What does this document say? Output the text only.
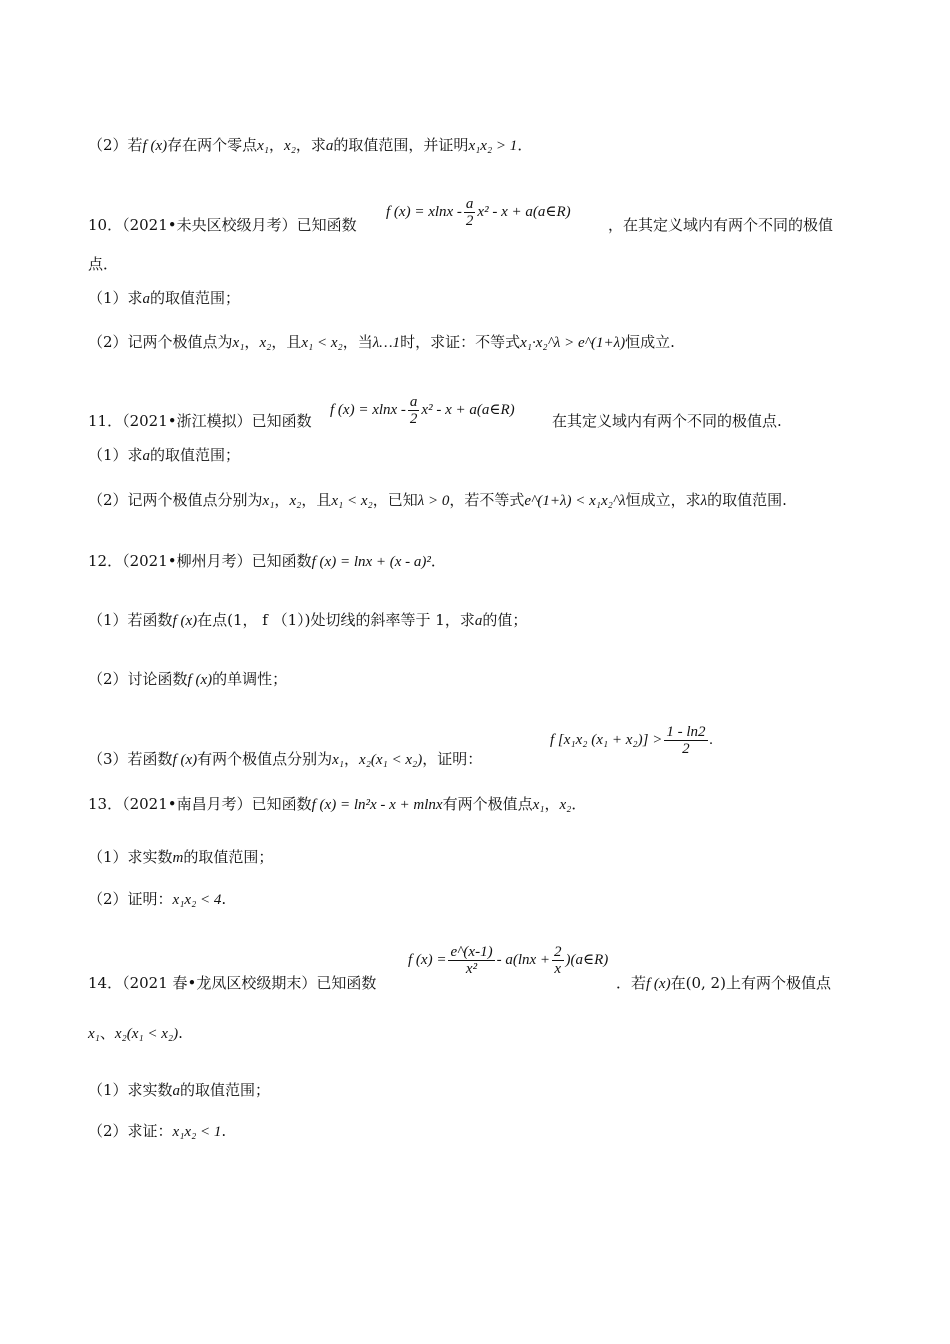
（2）若f (x)存在两个零点x₁，x₂，求a的取值范围，并证明x₁x₂ > 1．
10．（2021•未央区校级月考）已知函数
f $(x) = xlnx - \frac{a}{2} x^2 - x$ + a(a∈R)
，在其定义域内有两个不同的极值
点．
（1）求a的取值范围；
（2）记两个极值点为x₁，x₂，且x₁ < x₂，当λ…1时，求证：不等式x₁·x₂^λ > e^(1+λ)恒成立.
11．（2021•浙江模拟）已知函数
f $(x) = xlnx - \frac{a}{2} x^2 - x$ + a(a∈R)
在其定义域内有两个不同的极值点.
（1）求a的取值范围；
（2）记两个极值点分别为x₁，x₂，且x₁ < x₂，已知λ > 0，若不等式e^(1+λ) < x₁x₂^λ恒成立，求λ的取值范围.
12．（2021•柳州月考）已知函数f (x) = lnx + (x - a)²．
（1）若函数f (x)在点(1， f （1）)处切线的斜率等于 1，求a的值；
（2）讨论函数f (x)的单调性；
（3）若函数f (x)有两个极值点分别为x₁，x₂(x₁ < x₂)，证明：
f [x₁x₂ $(x_1 + x_2)] > \frac{1 - \ln 2}{2}$ .
13．（2021•南昌月考）已知函数f (x) = ln²x - x + mlnx有两个极值点x₁，x₂．
（1）求实数m的取值范围；
（2）证明：x₁x₂ < 4.
14．（2021 春•龙凤区校级期末）已知函数
f $(x) = \frac{e\^{}(x-1)}{\text{x²}} - a(\ln x + \frac{2}{x}$ )(a∈R)
．若f (x)在(0, 2)上有两个极值点
x₁、x₂(x₁ < x₂).
（1）求实数a的取值范围；
（2）求证：x₁x₂ < 1.
